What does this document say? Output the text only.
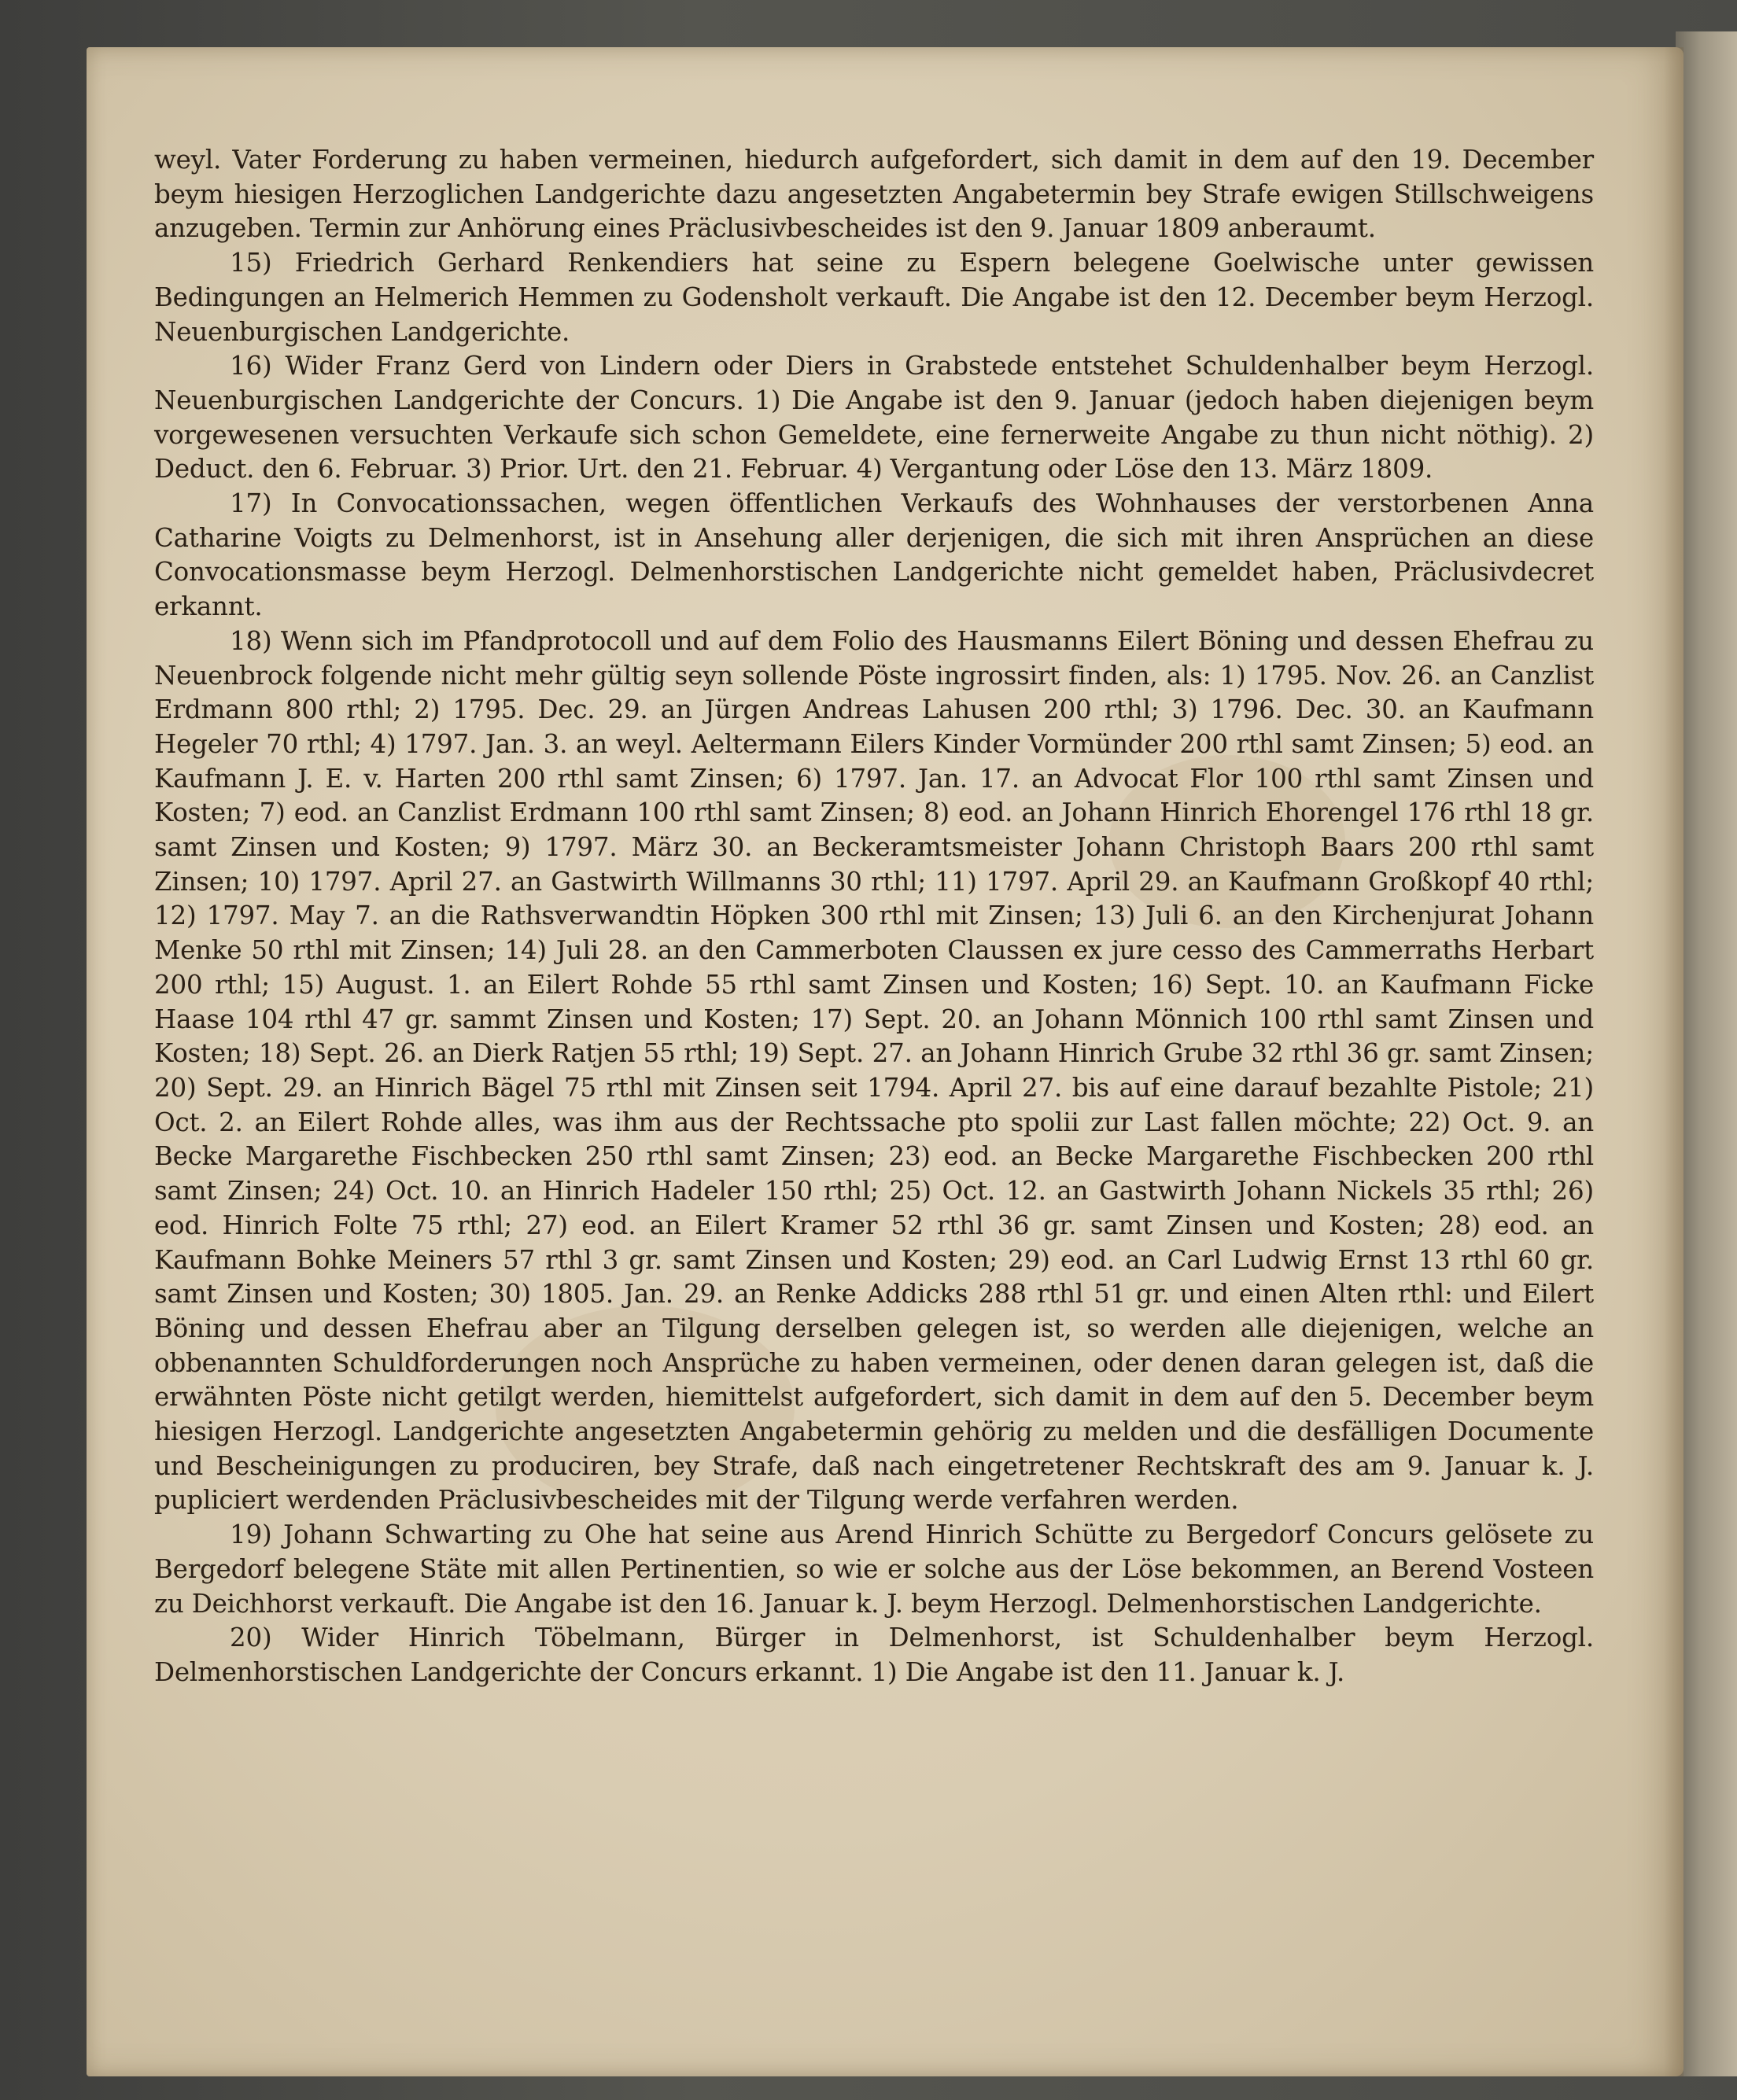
weyl. Vater Forderung zu haben vermeinen, hiedurch aufgefordert, sich damit in dem auf den 19. December beym hiesigen Herzoglichen Landgerichte dazu angesetzten Angabetermin bey Strafe ewigen Stillschweigens anzugeben. Termin zur Anhörung eines Präclusivbescheides ist den 9. Januar 1809 anberaumt.

15) Friedrich Gerhard Renkendiers hat seine zu Espern belegene Goelwische unter gewissen Bedingungen an Helmerich Hemmen zu Godensholt verkauft. Die Angabe ist den 12. December beym Herzogl. Neuenburgischen Landgerichte.

16) Wider Franz Gerd von Lindern oder Diers in Grabstede entstehet Schuldenhalber beym Herzogl. Neuenburgischen Landgerichte der Concurs. 1) Die Angabe ist den 9. Januar (jedoch haben diejenigen beym vorgewesenen versuchten Verkaufe sich schon Gemeldete, eine fernerweite Angabe zu thun nicht nöthig). 2) Deduct. den 6. Februar. 3) Prior. Urt. den 21. Februar. 4) Vergantung oder Löse den 13. März 1809.

17) In Convocationssachen, wegen öffentlichen Verkaufs des Wohnhauses der verstorbenen Anna Catharine Voigts zu Delmenhorst, ist in Ansehung aller derjenigen, die sich mit ihren Ansprüchen an diese Convocationsmasse beym Herzogl. Delmenhorstischen Landgerichte nicht gemeldet haben, Präclusivdecret erkannt.

18) Wenn sich im Pfandprotocoll und auf dem Folio des Hausmanns Eilert Böning und dessen Ehefrau zu Neuenbrock folgende nicht mehr gültig seyn sollende Pöste ingrossirt finden, als: 1) 1795. Nov. 26. an Canzlist Erdmann 800 rthl; 2) 1795. Dec. 29. an Jürgen Andreas Lahusen 200 rthl; 3) 1796. Dec. 30. an Kaufmann Hegeler 70 rthl; 4) 1797. Jan. 3. an weyl. Aeltermann Eilers Kinder Vormünder 200 rthl samt Zinsen; 5) eod. an Kaufmann J. E. v. Harten 200 rthl samt Zinsen; 6) 1797. Jan. 17. an Advocat Flor 100 rthl samt Zinsen und Kosten; 7) eod. an Canzlist Erdmann 100 rthl samt Zinsen; 8) eod. an Johann Hinrich Ehorengel 176 rthl 18 gr. samt Zinsen und Kosten; 9) 1797. März 30. an Beckeramtsmeister Johann Christoph Baars 200 rthl samt Zinsen; 10) 1797. April 27. an Gastwirth Willmanns 30 rthl; 11) 1797. April 29. an Kaufmann Großkopf 40 rthl; 12) 1797. May 7. an die Rathsverwandtin Höpken 300 rthl mit Zinsen; 13) Juli 6. an den Kirchenjurat Johann Menke 50 rthl mit Zinsen; 14) Juli 28. an den Cammerboten Claussen ex jure cesso des Cammerraths Herbart 200 rthl; 15) August. 1. an Eilert Rohde 55 rthl samt Zinsen und Kosten; 16) Sept. 10. an Kaufmann Ficke Haase 104 rthl 47 gr. sammt Zinsen und Kosten; 17) Sept. 20. an Johann Mönnich 100 rthl samt Zinsen und Kosten; 18) Sept. 26. an Dierk Ratjen 55 rthl; 19) Sept. 27. an Johann Hinrich Grube 32 rthl 36 gr. samt Zinsen; 20) Sept. 29. an Hinrich Bägel 75 rthl mit Zinsen seit 1794. April 27. bis auf eine darauf bezahlte Pistole; 21) Oct. 2. an Eilert Rohde alles, was ihm aus der Rechtssache pto spolii zur Last fallen möchte; 22) Oct. 9. an Becke Margarethe Fischbecken 250 rthl samt Zinsen; 23) eod. an Becke Margarethe Fischbecken 200 rthl samt Zinsen; 24) Oct. 10. an Hinrich Hadeler 150 rthl; 25) Oct. 12. an Gastwirth Johann Nickels 35 rthl; 26) eod. Hinrich Folte 75 rthl; 27) eod. an Eilert Kramer 52 rthl 36 gr. samt Zinsen und Kosten; 28) eod. an Kaufmann Bohke Meiners 57 rthl 3 gr. samt Zinsen und Kosten; 29) eod. an Carl Ludwig Ernst 13 rthl 60 gr. samt Zinsen und Kosten; 30) 1805. Jan. 29. an Renke Addicks 288 rthl 51 gr. und einen Alten rthl: und Eilert Böning und dessen Ehefrau aber an Tilgung derselben gelegen ist, so werden alle diejenigen, welche an obbenannten Schuldforderungen noch Ansprüche zu haben vermeinen, oder denen daran gelegen ist, daß die erwähnten Pöste nicht getilgt werden, hiemittelst aufgefordert, sich damit in dem auf den 5. December beym hiesigen Herzogl. Landgerichte angesetzten Angabetermin gehörig zu melden und die desfälligen Documente und Bescheinigungen zu produciren, bey Strafe, daß nach eingetretener Rechtskraft des am 9. Januar k. J. pupliciert werdenden Präclusivbescheides mit der Tilgung werde verfahren werden.

19) Johann Schwarting zu Ohe hat seine aus Arend Hinrich Schütte zu Bergedorf Concurs gelösete zu Bergedorf belegene Stäte mit allen Pertinentien, so wie er solche aus der Löse bekommen, an Berend Vosteen zu Deichhorst verkauft. Die Angabe ist den 16. Januar k. J. beym Herzogl. Delmenhorstischen Landgerichte.

20) Wider Hinrich Töbelmann, Bürger in Delmenhorst, ist Schuldenhalber beym Herzogl. Delmenhorstischen Landgerichte der Concurs erkannt. 1) Die Angabe ist den 11. Januar k. J.
